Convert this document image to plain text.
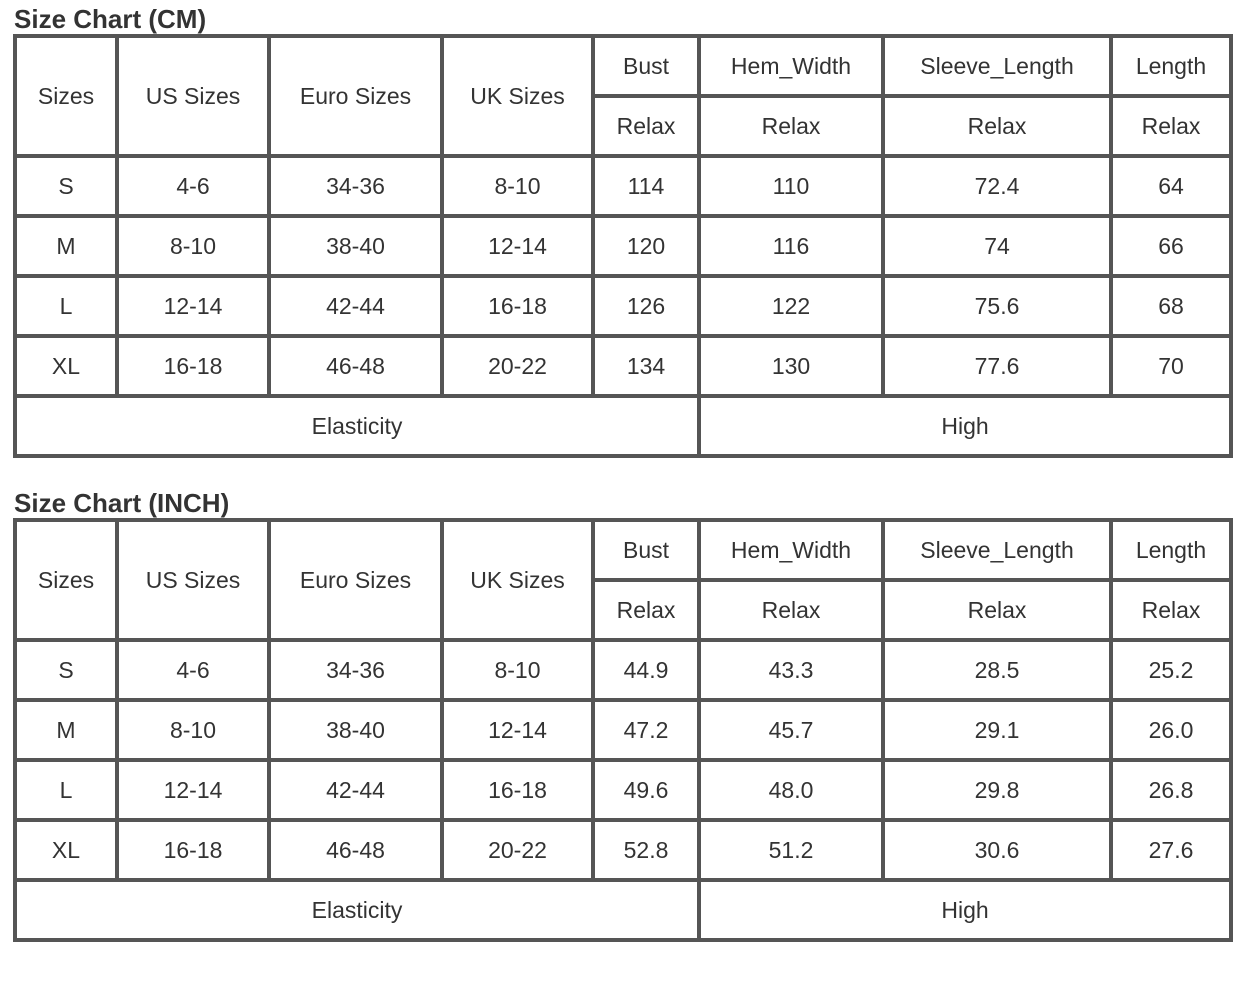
Size Chart (CM)
Sizes	US Sizes	Euro Sizes	UK Sizes	Bust	Hem_Width	Sleeve_Length	Length
				Relax	Relax	Relax	Relax
S	4-6	34-36	8-10	114	110	72.4	64
M	8-10	38-40	12-14	120	116	74	66
L	12-14	42-44	16-18	126	122	75.6	68
XL	16-18	46-48	20-22	134	130	77.6	70
Elasticity					High		
Size Chart (INCH)
Sizes	US Sizes	Euro Sizes	UK Sizes	Bust	Hem_Width	Sleeve_Length	Length
				Relax	Relax	Relax	Relax
S	4-6	34-36	8-10	44.9	43.3	28.5	25.2
M	8-10	38-40	12-14	47.2	45.7	29.1	26.0
L	12-14	42-44	16-18	49.6	48.0	29.8	26.8
XL	16-18	46-48	20-22	52.8	51.2	30.6	27.6
Elasticity					High		
